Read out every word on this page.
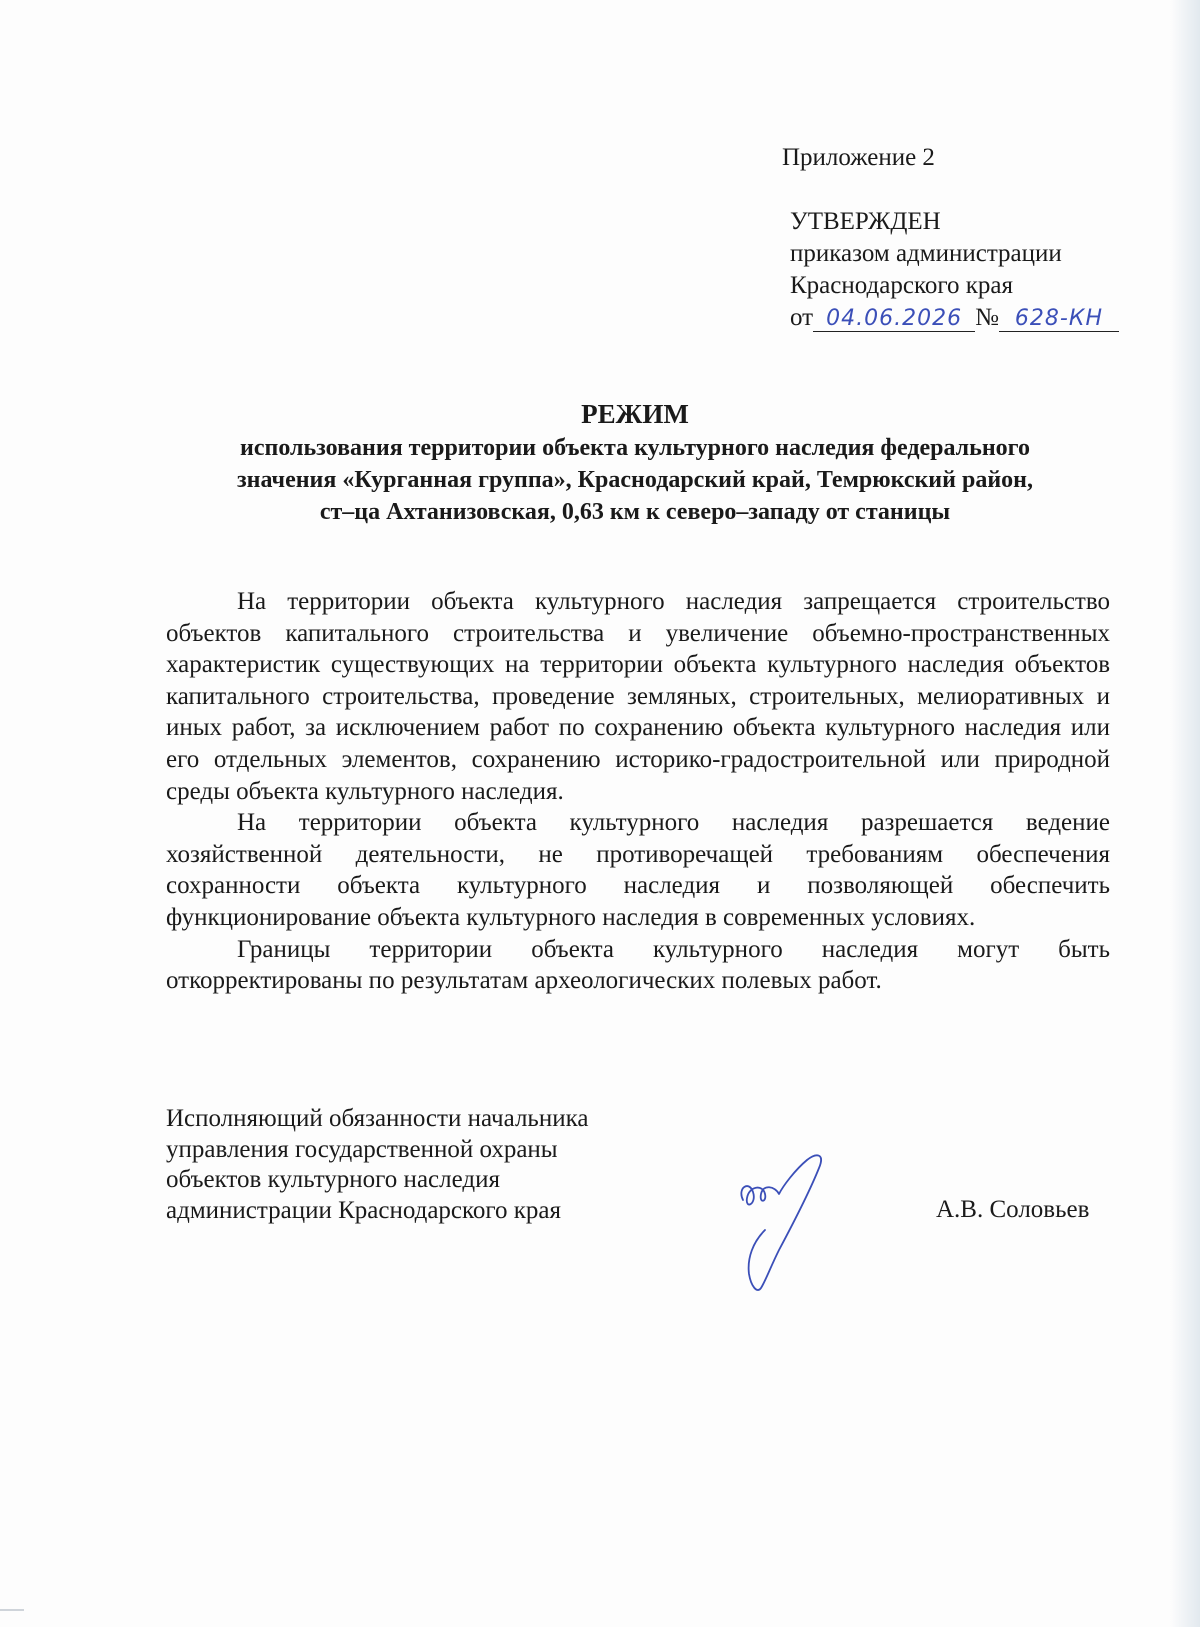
Приложение 2

УТВЕРЖДЕН
приказом администрации
Краснодарского края
от 04.06.2026 № 628-КН

РЕЖИМ

использования территории объекта культурного наследия федерального

значения «Курганная группа», Краснодарский край, Темрюкский район,

ст–ца Ахтанизовская, 0,63 км к северо–западу от станицы

На территории объекта культурного наследия запрещается строительство объектов капитального строительства и увеличение объемно-пространственных характеристик существующих на территории объекта культурного наследия объектов капитального строительства, проведение земляных, строительных, мелиоративных и иных работ, за исключением работ по сохранению объекта культурного наследия или его отдельных элементов, сохранению историко-градостроительной или природной среды объекта культурного наследия.

На территории объекта культурного наследия разрешается ведение хозяйственной деятельности, не противоречащей требованиям обеспечения сохранности объекта культурного наследия и позволяющей обеспечить функционирование объекта культурного наследия в современных условиях.

Границы территории объекта культурного наследия могут быть откорректированы по результатам археологических полевых работ.

Исполняющий обязанности начальника
управления государственной охраны
объектов культурного наследия
администрации Краснодарского края	А.В. Соловьев
